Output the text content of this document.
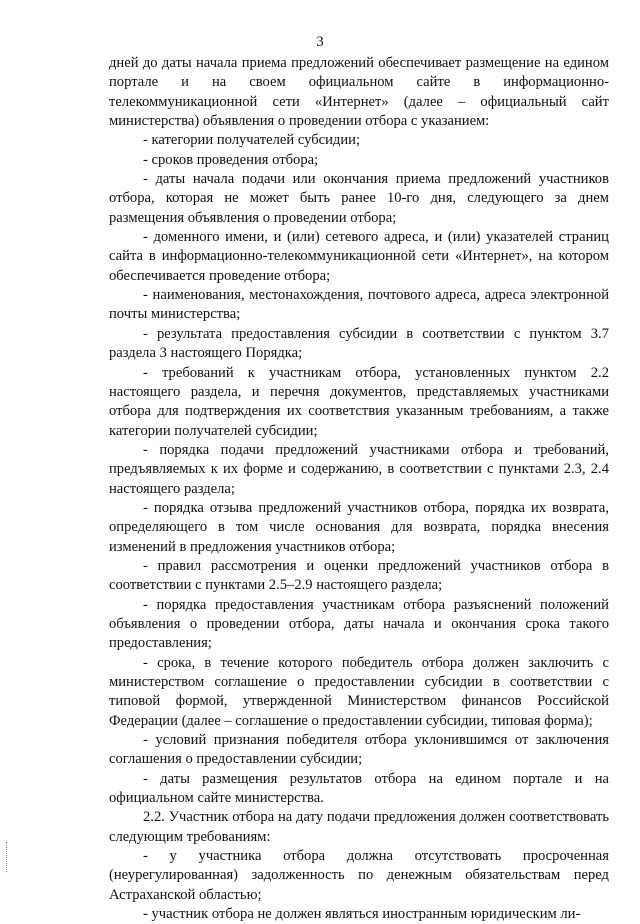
3

дней до даты начала приема предложений обеспечивает размещение на едином портале и на своем официальном сайте в информационно-телекоммуникационной сети «Интернет» (далее – официальный сайт министерства) объявления о проведении отбора с указанием:

- категории получателей субсидии;

- сроков проведения отбора;

- даты начала подачи или окончания приема предложений участников отбора, которая не может быть ранее 10-го дня, следующего за днем размещения объявления о проведении отбора;

- доменного имени, и (или) сетевого адреса, и (или) указателей страниц сайта в информационно-телекоммуникационной сети «Интернет», на котором обеспечивается проведение отбора;

- наименования, местонахождения, почтового адреса, адреса электронной почты министерства;

- результата предоставления субсидии в соответствии с пунктом 3.7 раздела 3 настоящего Порядка;

- требований к участникам отбора, установленных пунктом 2.2 настоящего раздела, и перечня документов, представляемых участниками отбора для подтверждения их соответствия указанным требованиям, а также категории получателей субсидии;

- порядка подачи предложений участниками отбора и требований, предъявляемых к их форме и содержанию, в соответствии с пунктами 2.3, 2.4 настоящего раздела;

- порядка отзыва предложений участников отбора, порядка их возврата, определяющего в том числе основания для возврата, порядка внесения изменений в предложения участников отбора;

- правил рассмотрения и оценки предложений участников отбора в соответствии с пунктами 2.5–2.9 настоящего раздела;

- порядка предоставления участникам отбора разъяснений положений объявления о проведении отбора, даты начала и окончания срока такого предоставления;

- срока, в течение которого победитель отбора должен заключить с министерством соглашение о предоставлении субсидии в соответствии с типовой формой, утвержденной Министерством финансов Российской Федерации (далее – соглашение о предоставлении субсидии, типовая форма);

- условий признания победителя отбора уклонившимся от заключения соглашения о предоставлении субсидии;

- даты размещения результатов отбора на едином портале и на официальном сайте министерства.

2.2. Участник отбора на дату подачи предложения должен соответствовать следующим требованиям:

- у участника отбора должна отсутствовать просроченная (неурегулированная) задолженность по денежным обязательствам перед Астраханской областью;

- участник отбора не должен являться иностранным юридическим ли-
